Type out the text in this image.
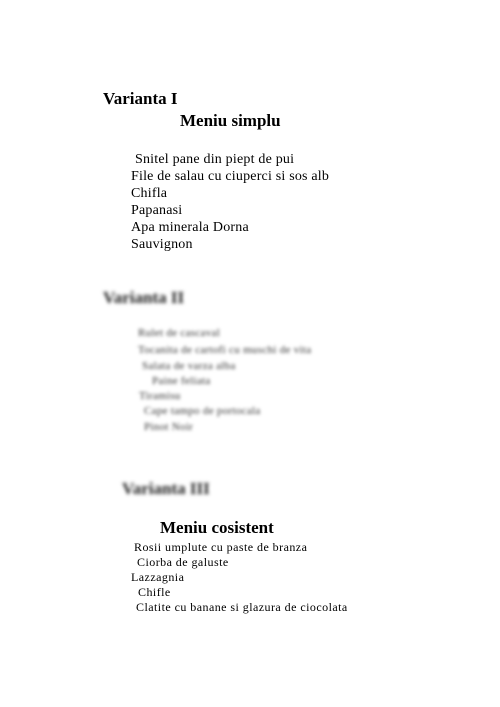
Varianta I
Meniu simplu
Snitel pane din piept de pui
File de salau cu ciuperci si sos alb
Chifla
Papanasi
Apa minerala Dorna
Sauvignon
Varianta II
Rulet de cascaval
Tocanita de cartofi cu muschi de vita
Salata de varza alba
Paine feliata
Tiramisu
Cape tampo de portocala
Pinot Noir
Varianta III
Meniu cosistent
Rosii umplute cu paste de branza
Ciorba de galuste
Lazzagnia
Chifle
Clatite cu banane si glazura de ciocolata
